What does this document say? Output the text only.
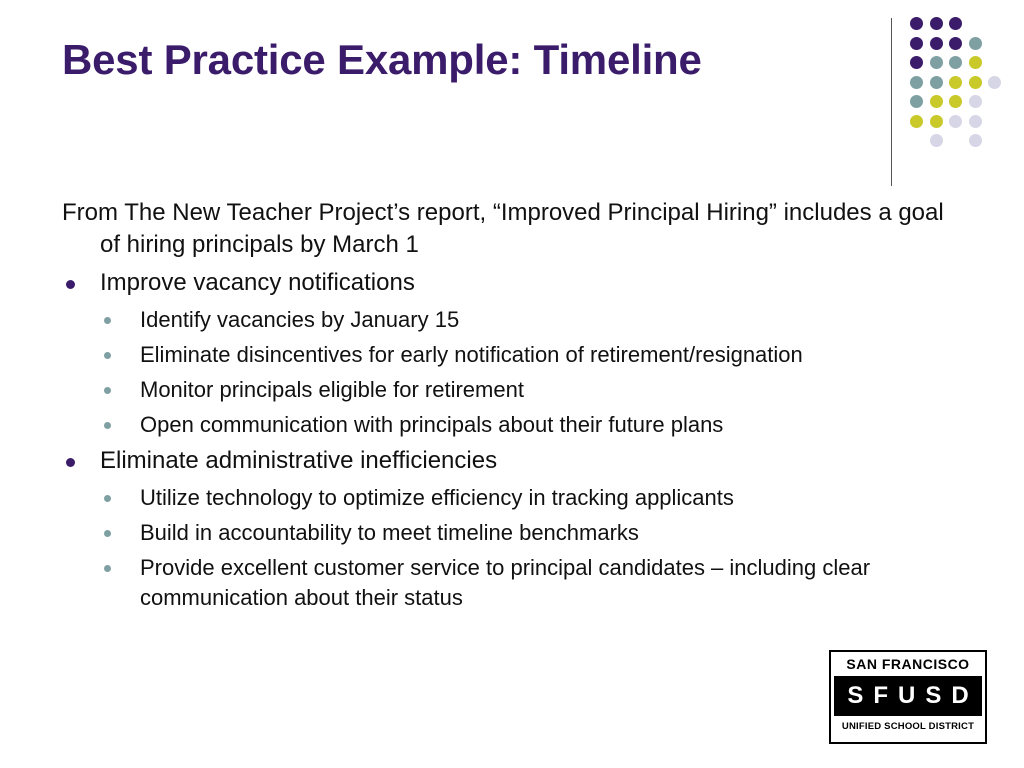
Best Practice Example: Timeline

From The New Teacher Project’s report, “Improved Principal Hiring” includes a goal of hiring principals by March 1

Improve vacancy notifications
Identify vacancies by January 15
Eliminate disincentives for early notification of retirement/resignation
Monitor principals eligible for retirement
Open communication with principals about their future plans
Eliminate administrative inefficiencies
Utilize technology to optimize efficiency in tracking applicants
Build in accountability to meet timeline benchmarks
Provide excellent customer service to principal candidates – including clear communication about their status
SAN FRANCISCO
SFUSD
UNIFIED SCHOOL DISTRICT
